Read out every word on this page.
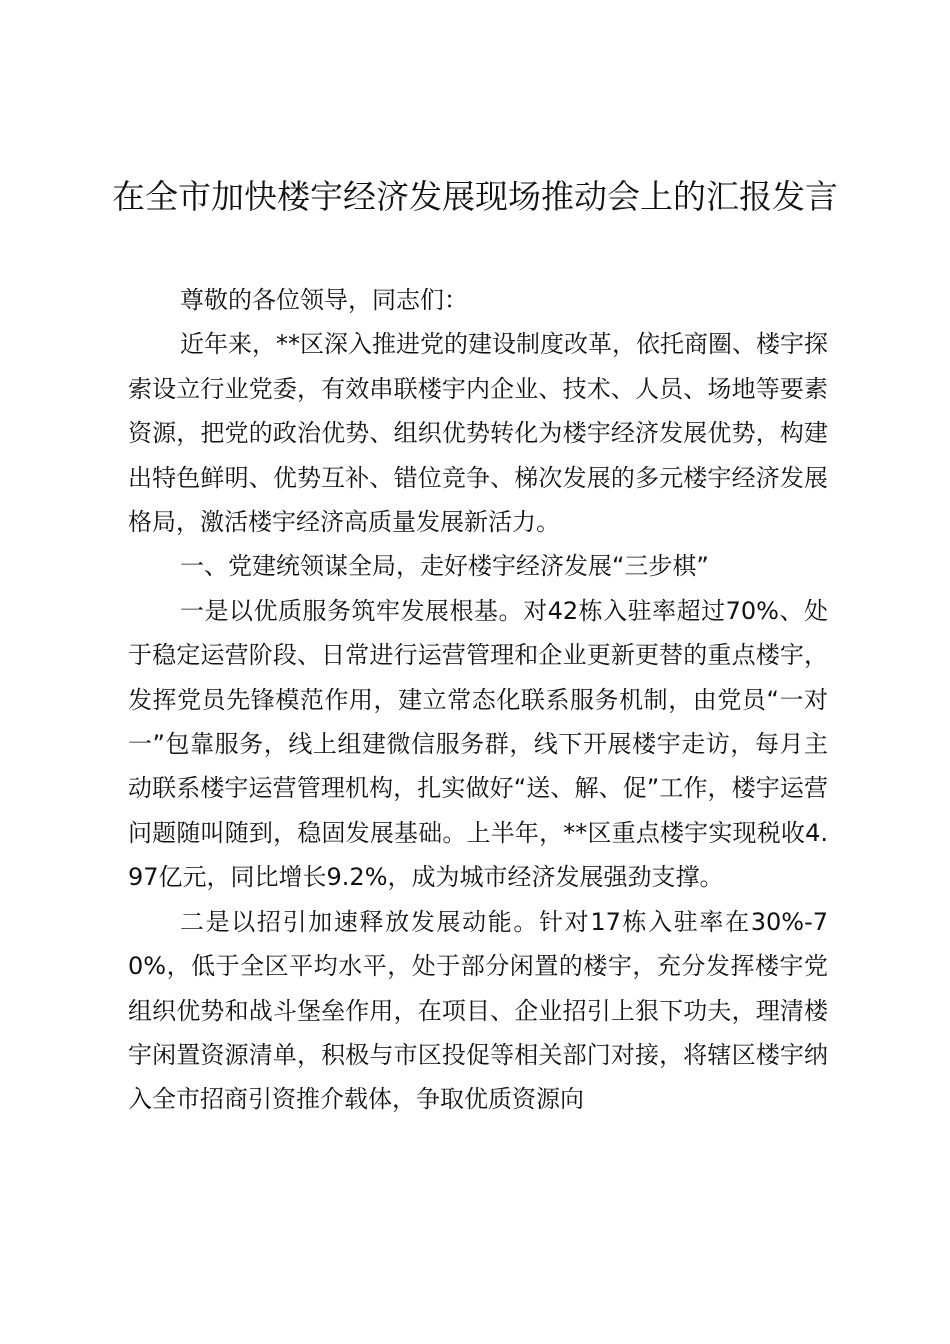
在全市加快楼宇经济发展现场推动会上的汇报发言

尊敬的各位领导，同志们：

近年来，**区深入推进党的建设制度改革，依托商圈、楼宇探索设立行业党委，有效串联楼宇内企业、技术、人员、场地等要素资源，把党的政治优势、组织优势转化为楼宇经济发展优势，构建出特色鲜明、优势互补、错位竞争、梯次发展的多元楼宇经济发展格局，激活楼宇经济高质量发展新活力。

一、党建统领谋全局，走好楼宇经济发展“三步棋”

一是以优质服务筑牢发展根基。对42栋入驻率超过70%、处于稳定运营阶段、日常进行运营管理和企业更新更替的重点楼宇，发挥党员先锋模范作用，建立常态化联系服务机制，由党员“一对一”包靠服务，线上组建微信服务群，线下开展楼宇走访，每月主动联系楼宇运营管理机构，扎实做好“送、解、促”工作，楼宇运营问题随叫随到，稳固发展基础。上半年，**区重点楼宇实现税收4.97亿元，同比增长9.2%，成为城市经济发展强劲支撑。

二是以招引加速释放发展动能。针对17栋入驻率在30%-70%，低于全区平均水平，处于部分闲置的楼宇，充分发挥楼宇党组织优势和战斗堡垒作用，在项目、企业招引上狠下功夫，理清楼宇闲置资源清单，积极与市区投促等相关部门对接，将辖区楼宇纳入全市招商引资推介载体，争取优质资源向
